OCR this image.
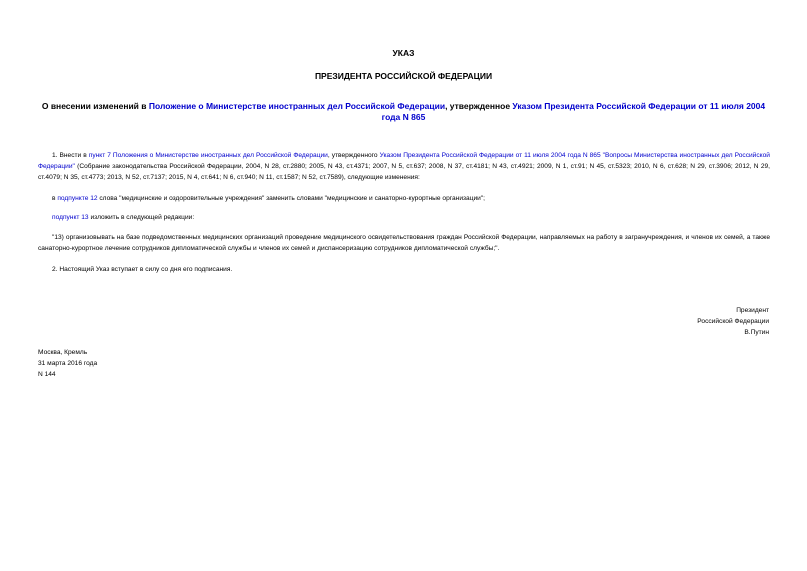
УКАЗ
ПРЕЗИДЕНТА РОССИЙСКОЙ ФЕДЕРАЦИИ
О внесении изменений в Положение о Министерстве иностранных дел Российской Федерации, утвержденное Указом Президента Российской Федерации от 11 июля 2004 года N 865
1. Внести в пункт 7 Положения о Министерстве иностранных дел Российской Федерации, утвержденного Указом Президента Российской Федерации от 11 июля 2004 года N 865 "Вопросы Министерства иностранных дел Российской Федерации" (Собрание законодательства Российской Федерации, 2004, N 28, ст.2880; 2005, N 43, ст.4371; 2007, N 5, ст.637; 2008, N 37, ст.4181; N 43, ст.4921; 2009, N 1, ст.91; N 45, ст.5323; 2010, N 6, ст.628; N 29, ст.3906; 2012, N 29, ст.4079; N 35, ст.4773; 2013, N 52, ст.7137; 2015, N 4, ст.641; N 6, ст.940; N 11, ст.1587; N 52, ст.7589), следующие изменения:
в подпункте 12 слова "медицинские и оздоровительные учреждения" заменить словами "медицинские и санаторно-курортные организации";
подпункт 13 изложить в следующей редакции:
"13) организовывать на базе подведомственных медицинских организаций проведение медицинского освидетельствования граждан Российской Федерации, направляемых на работу в загранучреждения, и членов их семей, а также санаторно-курортное лечение сотрудников дипломатической службы и членов их семей и диспансеризацию сотрудников дипломатической службы;".
2. Настоящий Указ вступает в силу со дня его подписания.
Президент
Российской Федерации
В.Путин
Москва, Кремль
31 марта 2016 года
N 144
